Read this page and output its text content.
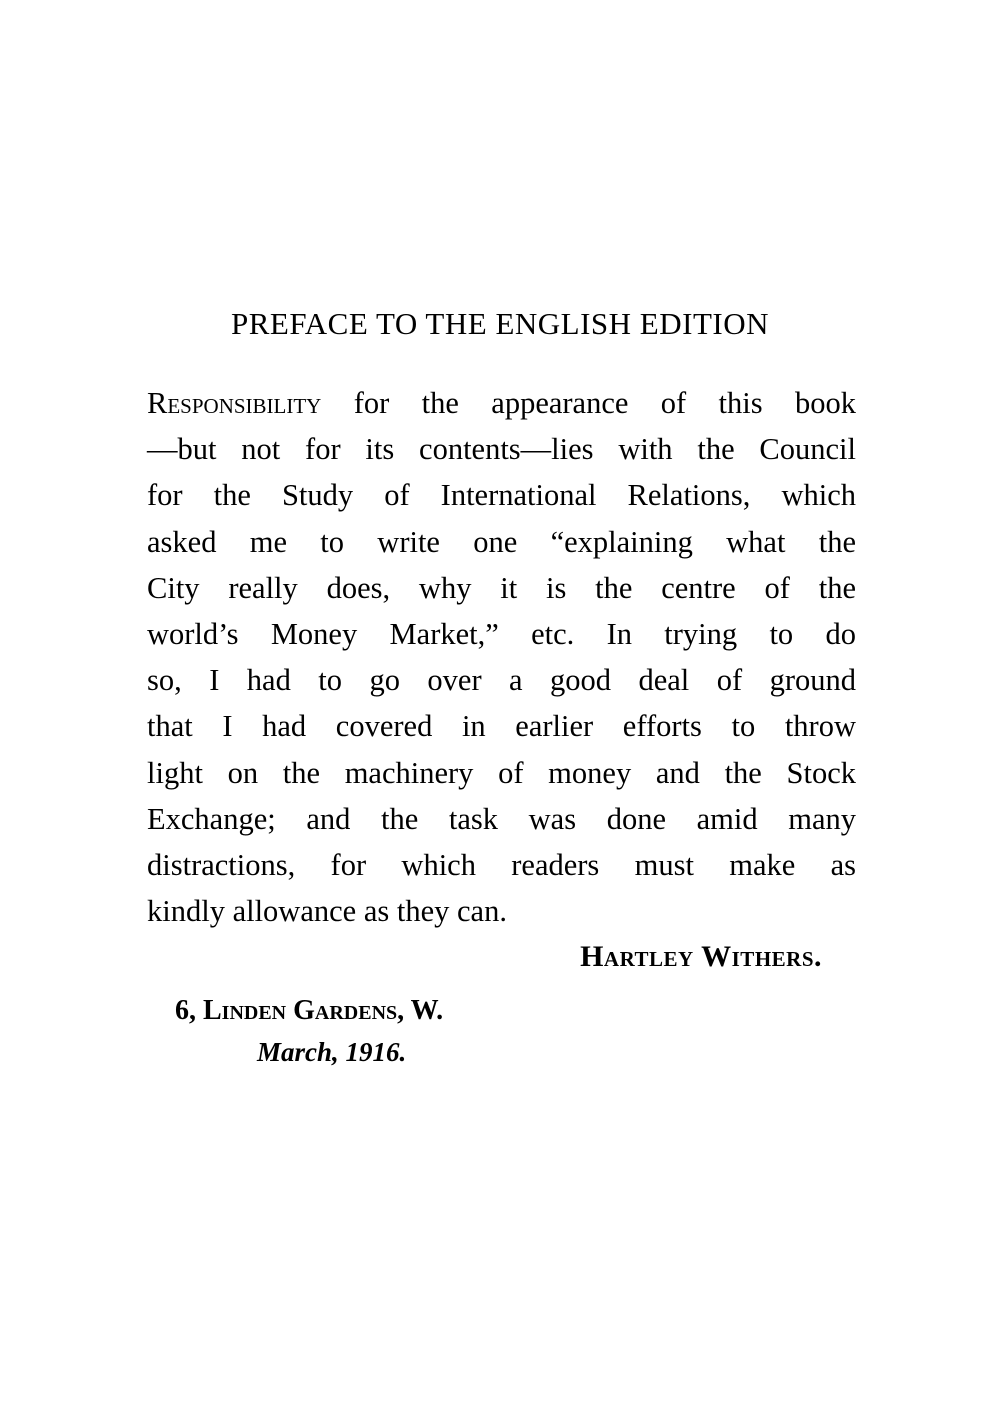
PREFACE TO THE ENGLISH EDITION
Responsibility for the appearance of this book
—but not for its contents—lies with the Council
for the Study of International Relations, which
asked me to write one “explaining what the
City really does, why it is the centre of the
world’s Money Market,” etc. In trying to do
so, I had to go over a good deal of ground
that I had covered in earlier efforts to throw
light on the machinery of money and the Stock
Exchange; and the task was done amid many
distractions, for which readers must make as
kindly allowance as they can.
Hartley Withers.
6, Linden Gardens, W.
March, 1916.
